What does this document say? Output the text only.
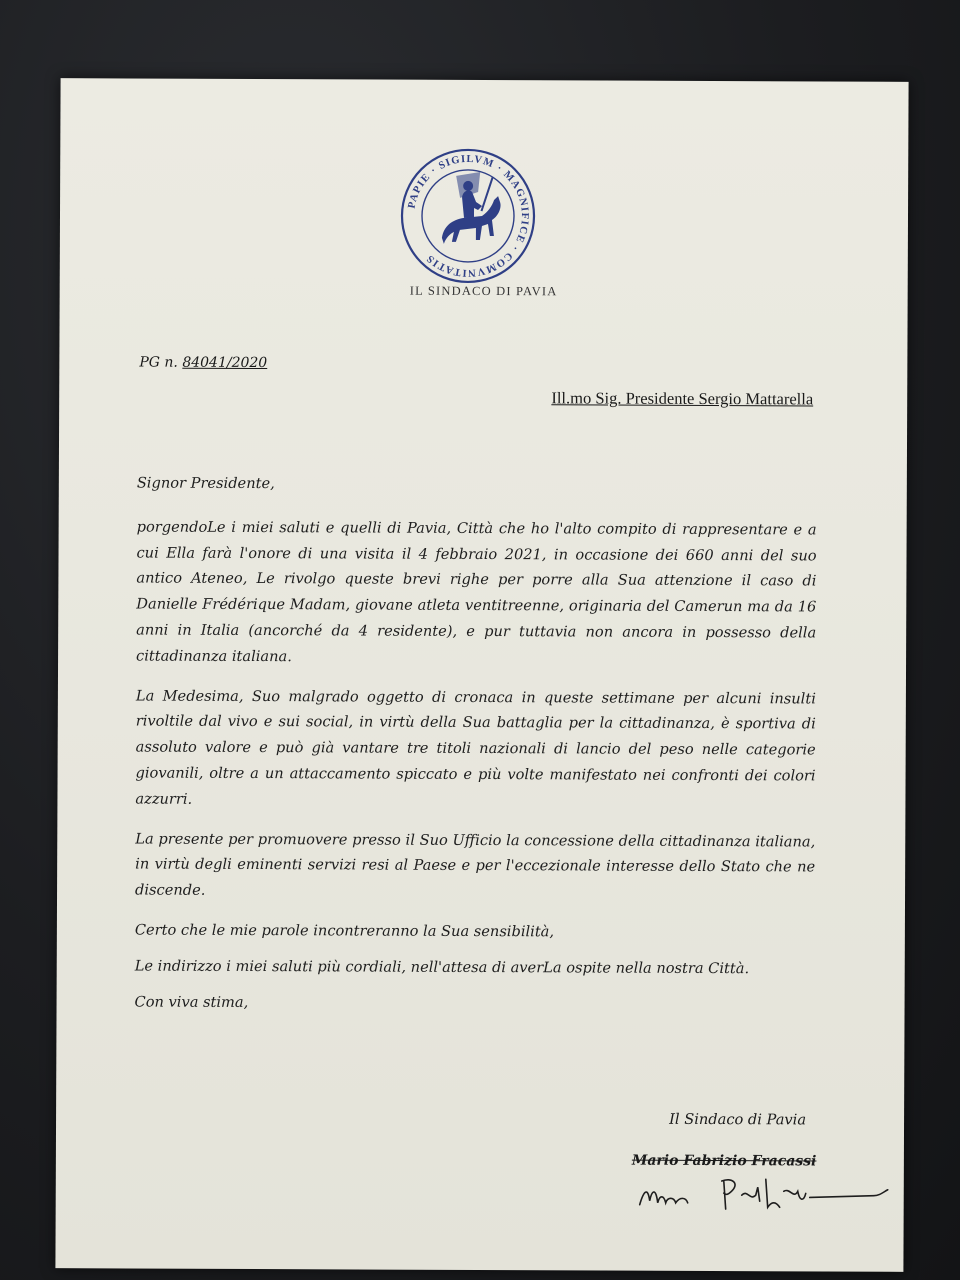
PAPIE · SIGILVM · MAGNIFICE · COMVNITATIS
IL SINDACO DI PAVIA
PG n. 84041/2020
Ill.mo Sig. Presidente Sergio Mattarella

Signor Presidente,

porgendoLe i miei saluti e quelli di Pavia, Città che ho l'alto compito di rappresentare e a cui Ella farà l'onore di una visita il 4 febbraio 2021, in occasione dei 660 anni del suo antico Ateneo, Le rivolgo queste brevi righe per porre alla Sua attenzione il caso di Danielle Frédérique Madam, giovane atleta ventitreenne, originaria del Camerun ma da 16 anni in Italia (ancorché da 4 residente), e pur tuttavia non ancora in possesso della cittadinanza italiana.

La Medesima, Suo malgrado oggetto di cronaca in queste settimane per alcuni insulti rivoltile dal vivo e sui social, in virtù della Sua battaglia per la cittadinanza, è sportiva di assoluto valore e può già vantare tre titoli nazionali di lancio del peso nelle categorie giovanili, oltre a un attaccamento spiccato e più volte manifestato nei confronti dei colori azzurri.

La presente per promuovere presso il Suo Ufficio la concessione della cittadinanza italiana, in virtù degli eminenti servizi resi al Paese e per l'eccezionale interesse dello Stato che ne discende.

Certo che le mie parole incontreranno la Sua sensibilità,

Le indirizzo i miei saluti più cordiali, nell'attesa di averLa ospite nella nostra Città.

Con viva stima,

Il Sindaco di Pavia
Mario Fabrizio Fracassi
